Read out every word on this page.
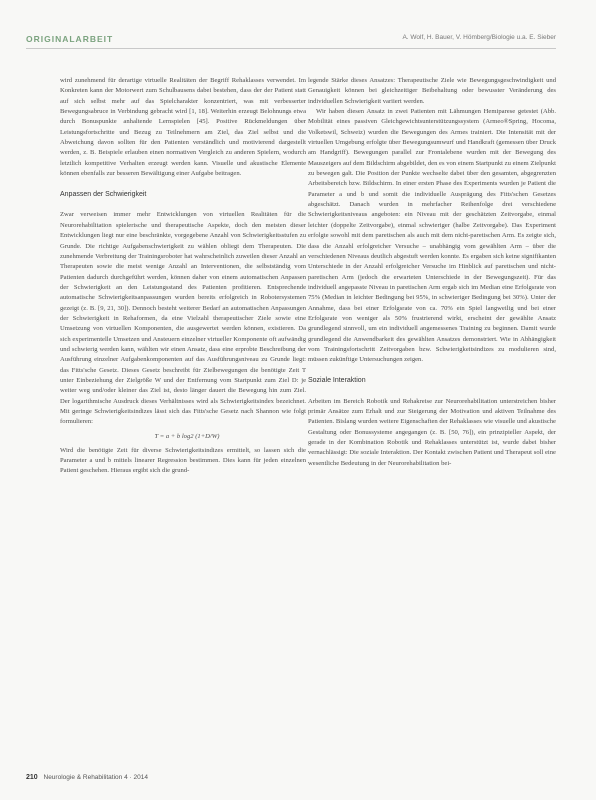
ORIGINALARBEIT	A. Wolf, H. Bauer, V. Hömberg/Biologie u.a. E. Sieber

wird zunehmend für derartige virtuelle Realitäten der Begriff Rehaklasses verwendet. Im Konkreten kann der Motorwert zum Schulbausens dabei bestehen, dass der der Patient statt auf sich selbst mehr auf das Spielcharakter konzentriert, was mit verbesserter Bewegungsabruce in Verbindung gebracht wird [1, 18]. Weiterhin erzeugt Belohnungs etwa durch Bonuspunkte anhaltende Lernspielen [45]. Positive Rückmeldungen über Leistungsfortschritte und Bezug zu Teilnehmern am Ziel, das Ziel selbst und die Abweichung davon sollten für den Patienten verständlich und motivierend dargestellt werden, z. B. Beispiele erlauben einen normativen Vergleich zu anderen Spielern, wodurch letztlich kompetitive Verhalten erzeugt werden kann. Visuelle und akustische Elemente können ebenfalls zur besseren Bewältigung einer Aufgabe beitragen.

Anpassen der Schwierigkeit

Zwar verweisen immer mehr Entwicklungen von virtuellen Realitäten für die Neurorehabilitation spielerische und therapeutische Aspekte, doch den meisten dieser Entwicklungen liegt nur eine beschränkte, vorgegebene Anzahl von Schwierigkeitsstufen zu Grunde. Die richtige Aufgabenschwierigkeit zu wählen obliegt dem Therapeuten. Die zunehmende Verbreitung der Trainingsroboter hat wahrscheinlich zuweilen dieser Anzahl an Therapeuten sowie die meist wenige Anzahl an Interventionen, die selbstständig vom Patienten dadurch durchgeführt werden, können daher von einem automatischen Anpassen der Schwierigkeit an den Leistungsstand des Patienten profitieren. Entsprechende automatische Schwierigkeitsanpassungen wurden bereits erfolgreich in Robotersystemen gezeigt (z. B. [9, 21, 30]). Dennoch besteht weiterer Bedarf an automatischen Anpassungen der Schwierigkeit in Rehaformen, da eine Vielzahl therapeutischer Ziele sowie eine Umsetzung von virtuellen Komponenten, die ausgewertet werden können, existieren. Da sich experimentelle Umsetzen und Ansteuern einzelner virtueller Komponente oft aufwändig und schwierig werden kann, wählten wir einen Ansatz, dass eine erprobte Beschreibung der Ausführung einzelner Aufgabenkomponenten auf das Ausführungsniveau zu Grunde liegt: das Fitts'sche Gesetz. Dieses Gesetz beschreibt für Zielbewegungen die benötigte Zeit T unter Einbeziehung der Zielgröße W und der Entfernung vom Startpunkt zum Ziel D: je weiter weg und/oder kleiner das Ziel ist, desto länger dauert die Bewegung hin zum Ziel. Der logarithmische Ausdruck dieses Verhältnisses wird als Schwierigkeitsindex bezeichnet. Mit geringe Schwierigkeitsindizes lässt sich das Fitts'sche Gesetz nach Shannon wie folgt formulieren:

T = a + b log2 (1+D/W)

Wird die benötigte Zeit für diverse Schwierigkeitsindizes ermittelt, so lassen sich die Parameter a und b mittels linearer Regression bestimmen. Dies kann für jeden einzelnen Patient geschehen. Hieraus ergibt sich die grund-

legende Stärke dieses Ansatzes: Therapeutische Ziele wie Bewegungsgeschwindigkeit und Genauigkeit können bei gleichzeitiger Beibehaltung oder bewusster Veränderung des individuellen Schwierigkeit variiert werden.

Wir haben diesen Ansatz in zwei Patienten mit Lähmungen Hemiparese getestet (Abb. Mobilität eines passiven Gleichgewichtsunterstützungssystem (Armeo®Spring, Hocoma, Volketswil, Schweiz) wurden die Bewegungen des Armes trainiert. Die Intensität mit der virtuellen Umgebung erfolgte über Bewegungsumwurf und Handkraft (gemessen über Druck am Handgriff). Bewegungen parallel zur Frontalebene wurden mit der Bewegung des Mauszeigers auf dem Bildschirm abgebildet, den es von einem Startpunkt zu einem Zielpunkt zu bewegen galt. Die Position der Punkte wechselte dabei über den gesamten, abgegrenzten Arbeitsbereich bzw. Bildschirm. In einer ersten Phase des Experiments wurden je Patient die Parameter a und b und somit die individuelle Ausprägung des Fitts'schen Gesetzes abgeschätzt. Danach wurden in mehrfacher Reihenfolge drei verschiedene Schwierigkeitsniveaus angeboten: ein Niveau mit der geschätzten Zeitvorgabe, einmal leichter (doppelte Zeitvorgabe), einmal schwieriger (halbe Zeitvorgabe). Das Experiment erfolgte sowohl mit dem paretischen als auch mit dem nicht-paretischen Arm. Es zeigte sich, dass die Anzahl erfolgreicher Versuche – unabhängig vom gewählten Arm – über die verschiedenen Niveaus deutlich abgestuft werden konnte. Es ergaben sich keine signifikanten Unterschiede in der Anzahl erfolgreicher Versuche im Hinblick auf paretischen und nicht-paretischen Arm (jedoch die erwarteten Unterschiede in der Bewegungszeit). Für das individuell angepasste Niveau in paretischen Arm ergab sich im Median eine Erfolgsrate von 75% (Median in leichter Bedingung bei 95%, in schwieriger Bedingung bei 30%). Unter der Annahme, dass bei einer Erfolgsrate von ca. 70% ein Spiel langweilig und bei einer Erfolgsrate von weniger als 50% frustrierend wirkt, erscheint der gewählte Ansatz grundlegend sinnvoll, um ein individuell angemessenes Training zu beginnen. Damit wurde grundlegend die Anwendbarkeit des gewählten Ansatzes demonstriert. Wie in Abhängigkeit vom Trainingsfortschritt Zeitvorgaben bzw. Schwierigkeitsindizes zu modulieren sind, müssen zukünftige Untersuchungen zeigen.

Soziale Interaktion

Arbeiten im Bereich Robotik und Rehakreise zur Neurorehabilitation unterstreichen bisher primär Ansätze zum Erhalt und zur Steigerung der Motivation und aktiven Teilnahme des Patienten. Bislang wurden weitere Eigenschaften der Rehaklasses wie visuelle und akustische Gestaltung oder Bonussysteme angegangen (z. B. [50, 76]), ein prinzipieller Aspekt, der gerade in der Kombination Robotik und Rehaklasses unterstützt ist, wurde dabei bisher vernachlässigt: Die soziale Interaktion. Der Kontakt zwischen Patient und Therapeut soll eine wesentliche Bedeutung in der Neurorehabilitation bei-

210 Neurologie & Rehabilitation 4 · 2014
